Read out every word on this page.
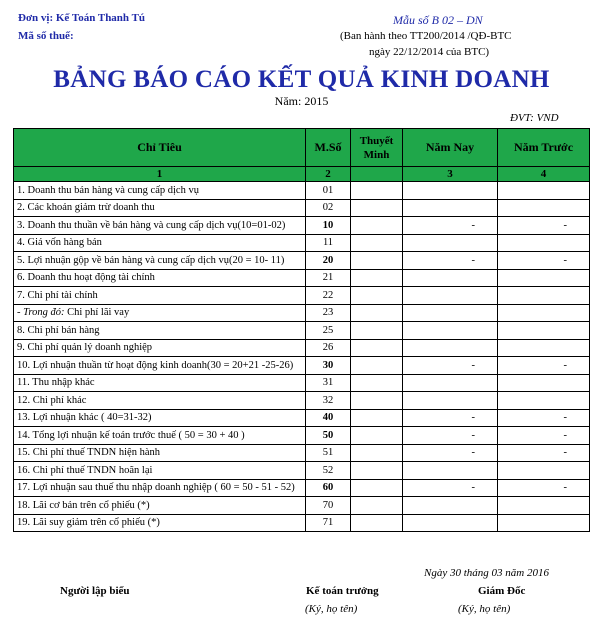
Đơn vị: Kế Toán Thanh Tú
Mã số thuế:
Mẫu số B 02 – DN
(Ban hành theo TT200/2014 /QĐ-BTC
ngày 22/12/2014 của BTC)
BẢNG BÁO CÁO KẾT QUẢ KINH DOANH
Năm: 2015
ĐVT: VND
Chỉ Tiêu	M.Số	Thuyết Minh	Năm Nay	Năm Trước
1	2		3	4
1. Doanh thu bán hàng và cung cấp dịch vụ	01			
2. Các khoản giảm trừ doanh thu	02			
3. Doanh thu thuần về bán hàng và cung cấp dịch vụ(10=01-02)	10		-	-
4. Giá vốn hàng bán	11			
5. Lợi nhuận gộp về bán hàng và cung cấp dịch vụ(20 = 10- 11)	20		-	-
6. Doanh thu hoạt động tài chính	21			
7. Chi phí tài chính	22			
- Trong đó: Chi phí lãi vay	23			
8. Chi phí bán hàng	25			
9. Chi phí quản lý doanh nghiệp	26			
10. Lợi nhuận thuần từ hoạt động kinh doanh(30 = 20+21 -25-26)	30		-	-
11. Thu nhập khác	31			
12. Chi phí khác	32			
13. Lợi nhuận khác ( 40=31-32)	40		-	-
14. Tổng lợi nhuận kế toán trước thuế ( 50 = 30 + 40 )	50		-	-
15. Chi phí thuế TNDN hiện hành	51		-	-
16. Chi phí thuế TNDN hoãn lại	52			
17. Lợi nhuận sau thuế thu nhập doanh nghiệp ( 60 = 50 - 51 - 52)	60		-	-
18. Lãi cơ bản trên cổ phiếu (*)	70			
19. Lãi suy giảm trên cổ phiếu (*)	71			
Ngày 30 tháng 03 năm 2016
Người lập biểu	Kế toán trưởng	Giám Đốc
(Ký, họ tên)	(Ký, họ tên)
